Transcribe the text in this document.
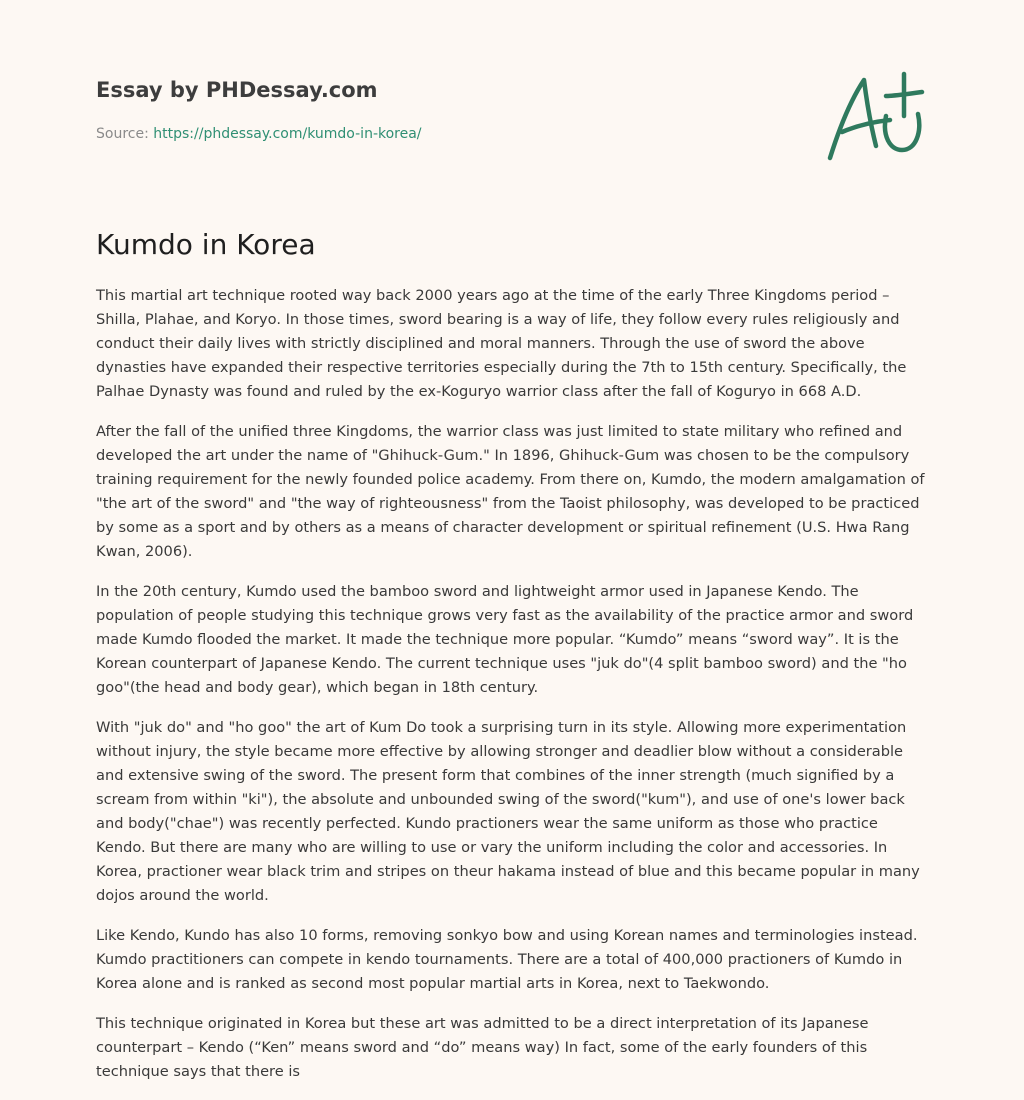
Essay by PHDessay.com
Source: https://phdessay.com/kumdo-in-korea/
Kumdo in Korea

This martial art technique rooted way back 2000 years ago at the time of the early Three Kingdoms period – Shilla, Plahae, and Koryo. In those times, sword bearing is a way of life, they follow every rules religiously and conduct their daily lives with strictly disciplined and moral manners. Through the use of sword the above dynasties have expanded their respective territories especially during the 7th to 15th century. Specifically, the Palhae Dynasty was found and ruled by the ex-Koguryo warrior class after the fall of Koguryo in 668 A.D.

After the fall of the unified three Kingdoms, the warrior class was just limited to state military who refined and developed the art under the name of "Ghihuck-Gum." In 1896, Ghihuck-Gum was chosen to be the compulsory training requirement for the newly founded police academy. From there on, Kumdo, the modern amalgamation of "the art of the sword" and "the way of righteousness" from the Taoist philosophy, was developed to be practiced by some as a sport and by others as a means of character development or spiritual refinement (U.S. Hwa Rang Kwan, 2006).

In the 20th century, Kumdo used the bamboo sword and lightweight armor used in Japanese Kendo. The population of people studying this technique grows very fast as the availability of the practice armor and sword made Kumdo flooded the market. It made the technique more popular. “Kumdo” means “sword way”. It is the Korean counterpart of Japanese Kendo. The current technique uses "juk do"(4 split bamboo sword) and the "ho goo"(the head and body gear), which began in 18th century.

With "juk do" and "ho goo" the art of Kum Do took a surprising turn in its style. Allowing more experimentation without injury, the style became more effective by allowing stronger and deadlier blow without a considerable and extensive swing of the sword. The present form that combines of the inner strength (much signified by a scream from within "ki"), the absolute and unbounded swing of the sword("kum"), and use of one's lower back and body("chae") was recently perfected. Kundo practioners wear the same uniform as those who practice Kendo. But there are many who are willing to use or vary the uniform including the color and accessories. In Korea, practioner wear black trim and stripes on theur hakama instead of blue and this became popular in many dojos around the world.

Like Kendo, Kundo has also 10 forms, removing sonkyo bow and using Korean names and terminologies instead. Kumdo practitioners can compete in kendo tournaments. There are a total of 400,000 practioners of Kumdo in Korea alone and is ranked as second most popular martial arts in Korea, next to Taekwondo.

This technique originated in Korea but these art was admitted to be a direct interpretation of its Japanese counterpart – Kendo (“Ken” means sword and “do” means way) In fact, some of the early founders of this technique says that there is
